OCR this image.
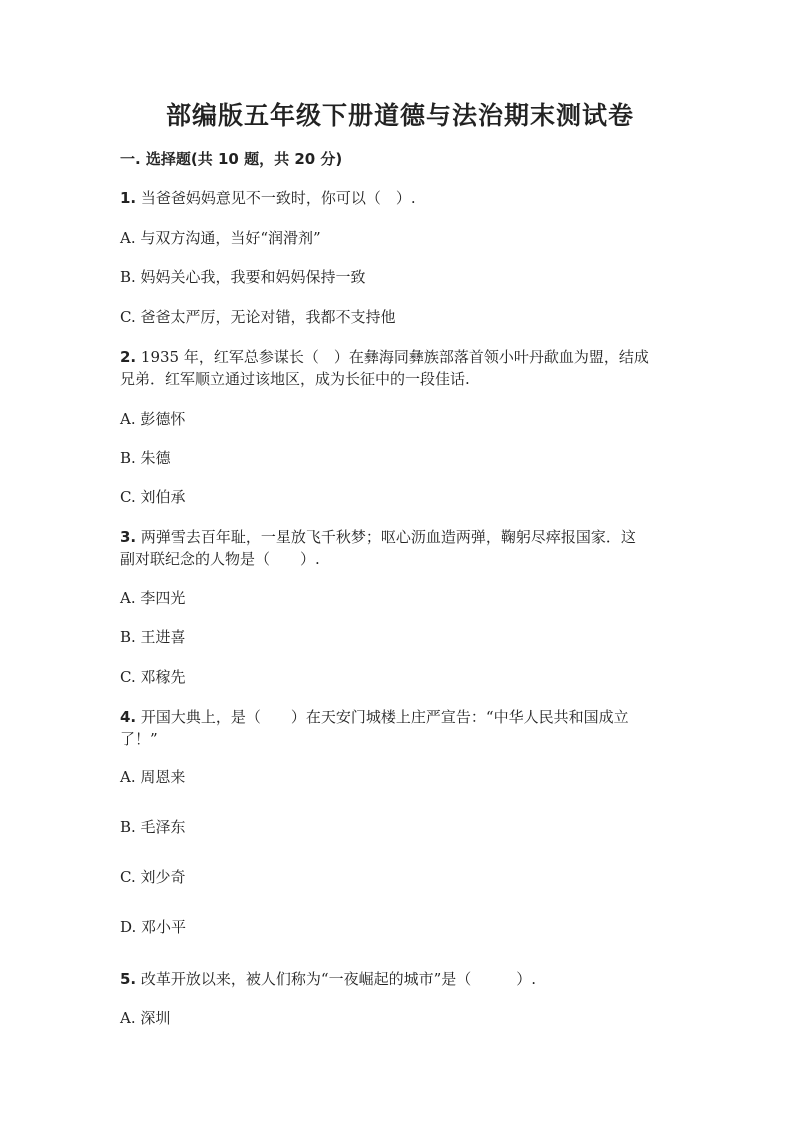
部编版五年级下册道德与法治期末测试卷
一. 选择题(共 10 题，共 20 分)
1. 当爸爸妈妈意见不一致时，你可以（　）.
A. 与双方沟通，当好“润滑剂”
B. 妈妈关心我，我要和妈妈保持一致
C. 爸爸太严厉，无论对错，我都不支持他
2. 1935 年，红军总参谋长（　）在彝海同彝族部落首领小叶丹歃血为盟，结成
兄弟．红军顺立通过该地区，成为长征中的一段佳话.
A. 彭德怀
B. 朱德
C. 刘伯承
3. 两弹雪去百年耻，一星放飞千秋梦；呕心沥血造两弹，鞠躬尽瘁报国家．这
副对联纪念的人物是（　　）.
A. 李四光
B. 王进喜
C. 邓稼先
4. 开国大典上，是（　　）在天安门城楼上庄严宣告：“中华人民共和国成立
了！”
A. 周恩来
B. 毛泽东
C. 刘少奇
D. 邓小平
5. 改革开放以来，被人们称为“一夜崛起的城市”是（　　　）.
A. 深圳
